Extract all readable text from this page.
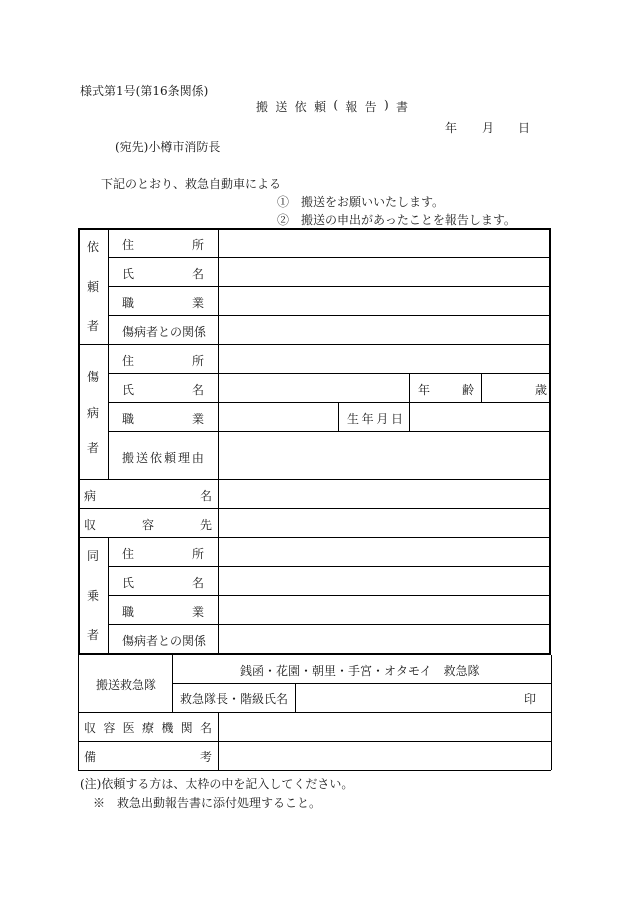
様式第1号(第16条関係)
搬 送 依 頼 ( 報 告 ) 書
年 月 日
(宛先)小樽市消防長
下記のとおり、救急自動車による
①　搬送をお願いいたします。
②　搬送の申出があったことを報告します。
依
頼
者
住	所
氏	名
職	業
傷病者との関係
傷
病
者
住	所
氏	名	年	齢	歳
職	業	生 年 月 日
搬 送 依 頼 理 由
病	名
収	容	先
同
乗
者
住	所
氏	名
職	業
傷病者との関係
搬送救急隊
銭函・花園・朝里・手宮・オタモイ　救急隊
救急隊長・階級氏名	印
収 容 医 療 機 関 名
備	考
(注)依頼する方は、太枠の中を記入してください。
※　救急出動報告書に添付処理すること。
